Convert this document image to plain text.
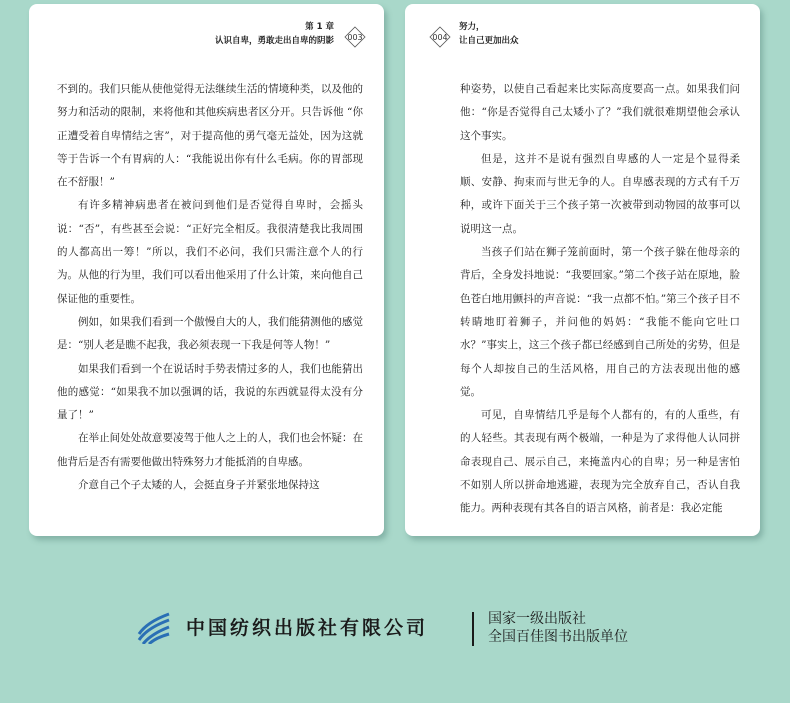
第 1 章
认识自卑，勇敢走出自卑的阴影 003

不到的。我们只能从使他觉得无法继续生活的情境种类，以及他的努力和活动的限制，来将他和其他疾病患者区分开。只告诉他 “你正遭受着自卑情结之害”，对于提高他的勇气毫无益处，因为这就等于告诉一个有胃病的人：“我能说出你有什么毛病。你的胃部现在不舒服！”

有许多精神病患者在被问到他们是否觉得自卑时，会摇头说：“否”，有些甚至会说：“正好完全相反。我很清楚我比我周围的人都高出一筹！”所以，我们不必问，我们只需注意个人的行为。从他的行为里，我们可以看出他采用了什么计策，来向他自己保证他的重要性。

例如，如果我们看到一个傲慢自大的人，我们能猜测他的感觉是：“别人老是瞧不起我，我必须表现一下我是何等人物！”

如果我们看到一个在说话时手势表情过多的人，我们也能猜出他的感觉：“如果我不加以强调的话，我说的东西就显得太没有分量了！”

在举止间处处故意要凌驾于他人之上的人，我们也会怀疑：在他背后是否有需要他做出特殊努力才能抵消的自卑感。

介意自己个子太矮的人，会挺直身子并紧张地保持这

004
努力，
让自己更加出众

种姿势，以使自己看起来比实际高度要高一点。如果我们问他：“你是否觉得自己太矮小了？”我们就很难期望他会承认这个事实。

但是，这并不是说有强烈自卑感的人一定是个显得柔顺、安静、拘束而与世无争的人。自卑感表现的方式有千万种，或许下面关于三个孩子第一次被带到动物园的故事可以说明这一点。

当孩子们站在狮子笼前面时，第一个孩子躲在他母亲的背后，全身发抖地说：“我要回家。”第二个孩子站在原地，脸色苍白地用颤抖的声音说：“我一点都不怕。”第三个孩子目不转睛地盯着狮子，并问他的妈妈：“我能不能向它吐口水？”事实上，这三个孩子都已经感到自己所处的劣势，但是每个人却按自己的生活风格，用自己的方法表现出他的感觉。

可见，自卑情结几乎是每个人都有的，有的人重些，有的人轻些。其表现有两个极端，一种是为了求得他人认同拼命表现自己、展示自己，来掩盖内心的自卑；另一种是害怕不如别人所以拼命地逃避，表现为完全放弃自己，否认自我能力。两种表现有其各自的语言风格，前者是：我必定能

中国纺织出版社有限公司	国家一级出版社
全国百佳图书出版单位
